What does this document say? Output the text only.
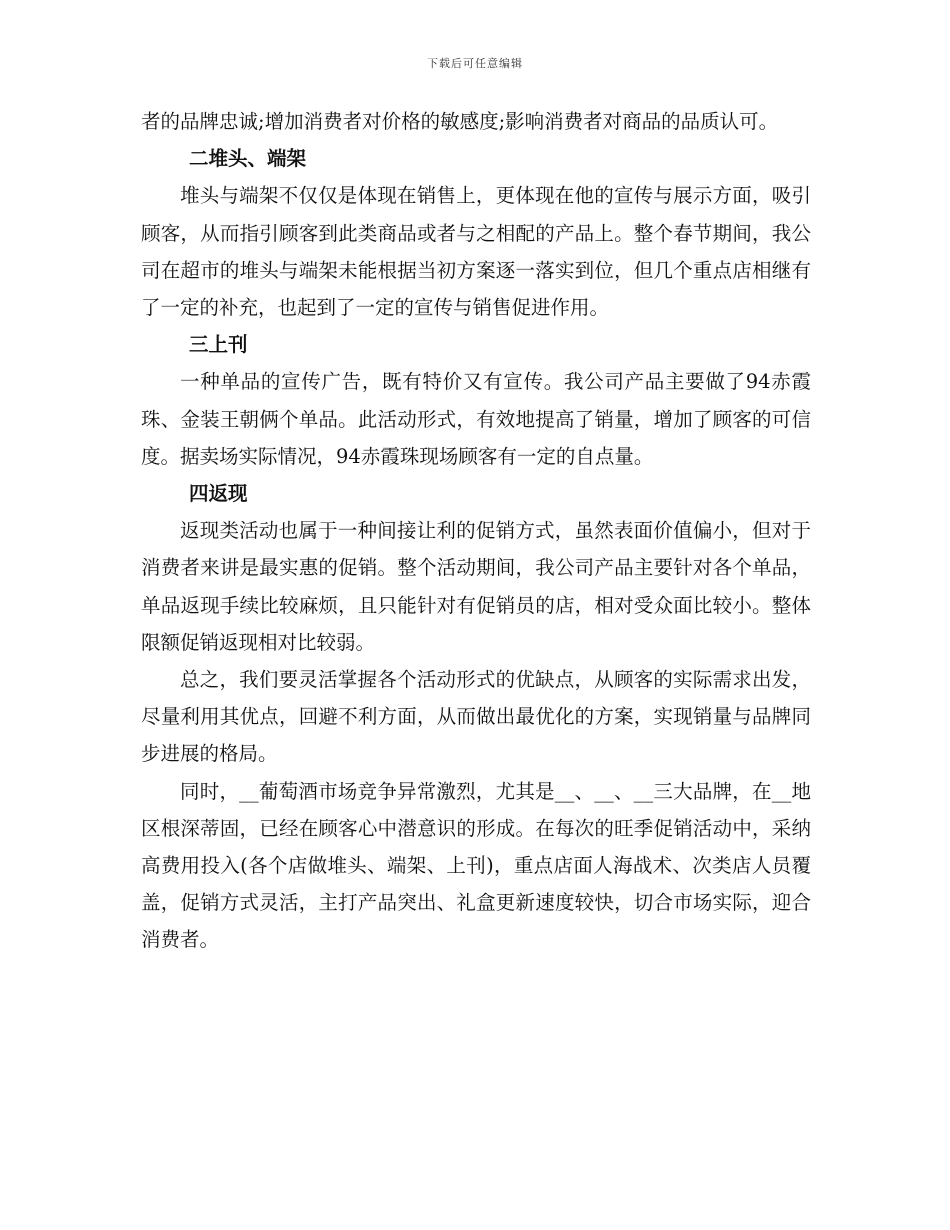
下载后可任意编辑

者的品牌忠诚;增加消费者对价格的敏感度;影响消费者对商品的品质认可。

二堆头、端架

堆头与端架不仅仅是体现在销售上，更体现在他的宣传与展示方面，吸引顾客，从而指引顾客到此类商品或者与之相配的产品上。整个春节期间，我公司在超市的堆头与端架未能根据当初方案逐一落实到位，但几个重点店相继有了一定的补充，也起到了一定的宣传与销售促进作用。

三上刊

一种单品的宣传广告，既有特价又有宣传。我公司产品主要做了94赤霞珠、金装王朝俩个单品。此活动形式，有效地提高了销量，增加了顾客的可信度。据卖场实际情况，94赤霞珠现场顾客有一定的自点量。

四返现

返现类活动也属于一种间接让利的促销方式，虽然表面价值偏小，但对于消费者来讲是最实惠的促销。整个活动期间，我公司产品主要针对各个单品，单品返现手续比较麻烦，且只能针对有促销员的店，相对受众面比较小。整体限额促销返现相对比较弱。

总之，我们要灵活掌握各个活动形式的优缺点，从顾客的实际需求出发，尽量利用其优点，回避不利方面，从而做出最优化的方案，实现销量与品牌同步进展的格局。

同时，__葡萄酒市场竞争异常激烈，尤其是__、__、__三大品牌，在__地区根深蒂固，已经在顾客心中潜意识的形成。在每次的旺季促销活动中，采纳高费用投入(各个店做堆头、端架、上刊)，重点店面人海战术、次类店人员覆盖，促销方式灵活，主打产品突出、礼盒更新速度较快，切合市场实际，迎合消费者。
